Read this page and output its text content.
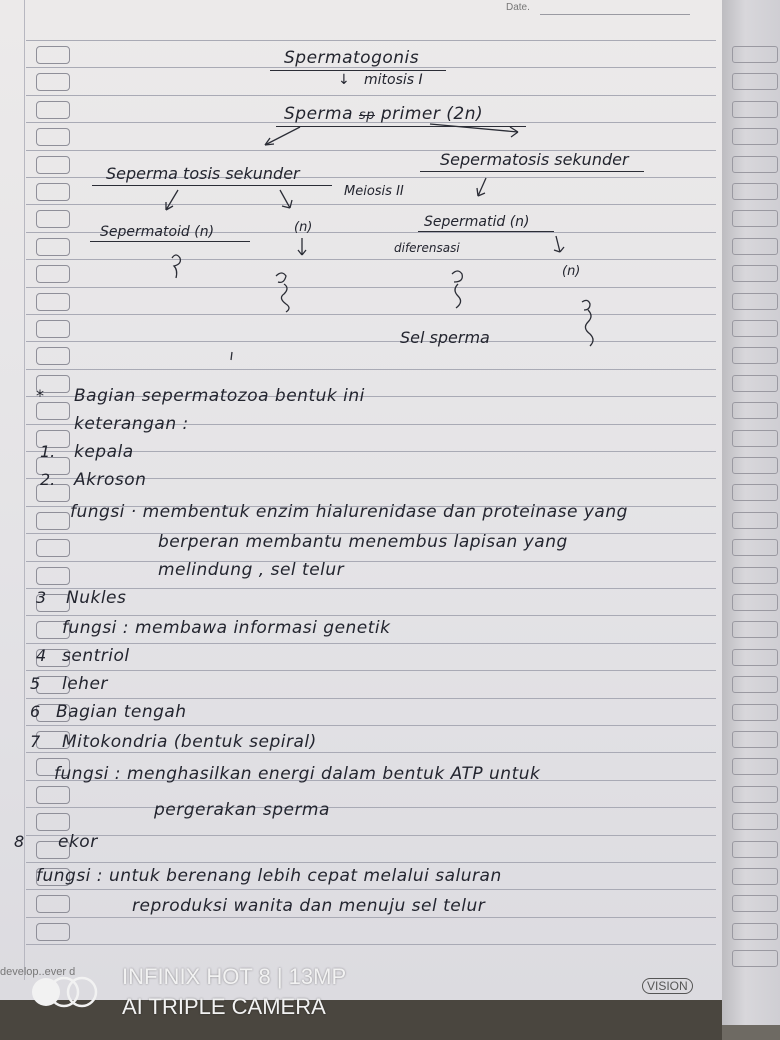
Date.
Spermatogonis
↓ mitosis I
Sperma sp primer (2n)
Seperma tosis sekunder
Sepermatosis sekunder
Meiosis II
Sepermatoid (n)	(n)	Sepermatid (n)
diferensasi
(n)
Sel sperma
* Bagian sepermatozoa bentuk ini
keterangan :
1. kepala
2. Akroson
fungsi · membentuk enzim hialurenidase dan proteinase yang
berperan membantu menembus lapisan yang
melindung , sel telur
3 Nukles
fungsi : membawa informasi genetik
4 sentriol
5 leher
6 Bagian tengah
7 Mitokondria (bentuk sepiral)
fungsi : menghasilkan energi dalam bentuk ATP untuk
pergerakan sperma
8 ekor
fungsi : untuk berenang lebih cepat melalui saluran
reproduksi wanita dan menuju sel telur
develop..ever d
VISION
INFINIX HOT 8 | 13MP
AI TRIPLE CAMERA
